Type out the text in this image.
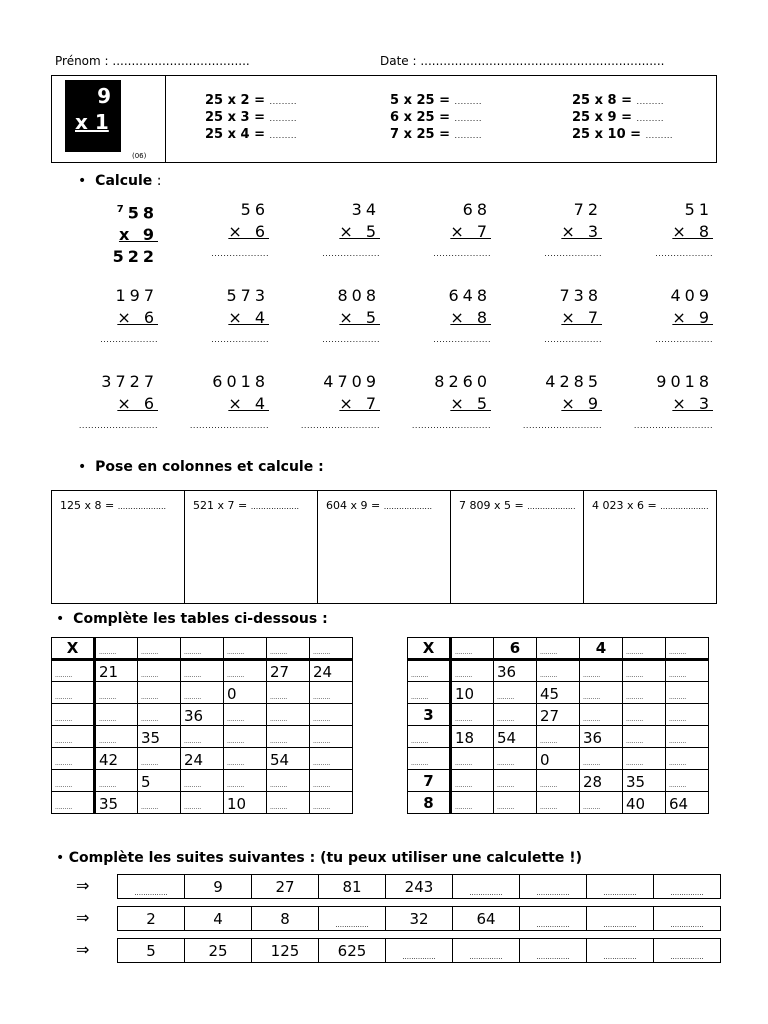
Prénom : ....................................	Date : ................................................................
9
x 1
(06)
25 x 2 = .........
25 x 3 = .........
25 x 4 = .........
5 x 25 = .........
6 x 25 = .........
7 x 25 = .........
25 x 8 = .........
25 x 9 = .........
25 x 10 = .........
•  Calcule :
$^7$58
x 9
522
56
× 6
...................
34
× 5
...................
68
× 7
...................
72
× 3
...................
51
× 8
...................
197
× 6
...................
573
× 4
...................
808
× 5
...................
648
× 8
...................
738
× 7
...................
409
× 9
...................
3727
× 6
..........................
6018
× 4
..........................
4709
× 7
..........................
8260
× 5
..........................
4285
× 9
..........................
9018
× 3
..........................
•  Pose en colonnes et calcule :
125 x 8 = ...................	521 x 7 = ...................	604 x 9 = ...................	7 809 x 5 = ...................	4 023 x 6 = ...................
•  Complète les tables ci-dessous :
X	.........	.........	.........	.........	.........	.........
.........	21	.........	.........	.........	27	24
.........	.........	.........	.........	0	.........	.........
.........	.........	.........	36	.........	.........	.........
.........	.........	35	.........	.........	.........	.........
.........	42	.........	24	.........	54	.........
.........	.........	5	.........	.........	.........	.........
.........	35	.........	.........	10	.........	.........
X	.........	6	.........	4	.........	.........
.........	.........	36	.........	.........	.........	.........
.........	10	.........	45	.........	.........	.........
3	.........	.........	27	.........	.........	.........
.........	18	54	.........	36	.........	.........
.........	.........	.........	0	.........	.........	.........
7	.........	.........	.........	28	35	.........
8	.........	.........	.........	.........	40	64
• Complète les suites suivantes : (tu peux utiliser une calculette !)
⇒	...............	9	27	81	243	...............	...............	...............	...............
⇒	2	4	8	...............	32	64	...............	...............	...............
⇒	5	25	125	625	...............	...............	...............	...............	...............
